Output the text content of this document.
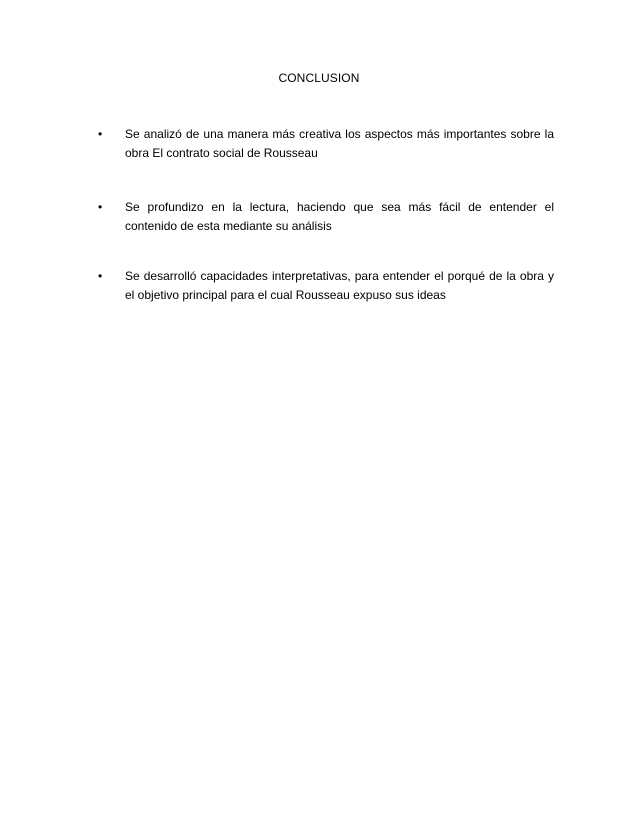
CONCLUSION
• Se analizó de una manera más creativa los aspectos más importantes sobre la obra El contrato social de Rousseau

• Se profundizo en la lectura, haciendo que sea más fácil de entender el contenido de esta mediante su análisis

• Se desarrolló capacidades interpretativas, para entender el porqué de la obra y el objetivo principal para el cual Rousseau expuso sus ideas
